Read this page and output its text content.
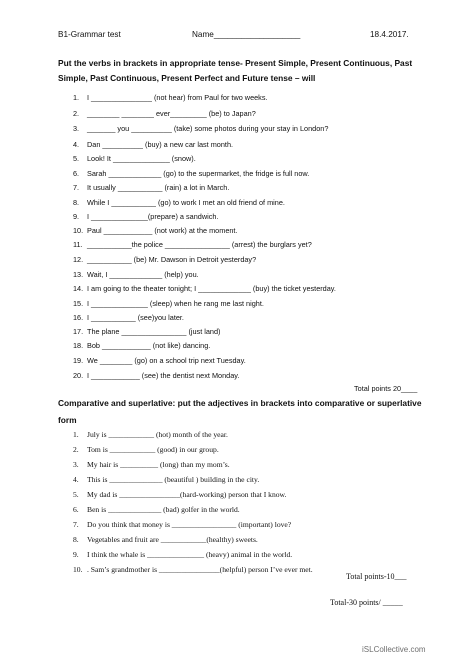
B1-Grammar test	Name___________________	18.4.2017.
Put the verbs in brackets in appropriate tense- Present Simple, Present Continuous, Past
Simple, Past Continuous, Present Perfect and Future tense – will
1. I _______________ (not hear) from Paul for two weeks.
2. ________ ________ ever_________ (be) to Japan?
3. _______ you __________ (take) some photos during your stay in London?
4. Dan __________ (buy) a new car last month.
5. Look! It ______________ (snow).
6. Sarah _____________ (go) to the supermarket, the fridge is full now.
7. It usually ___________ (rain) a lot in March.
8. While I ___________ (go) to work I met an old friend of mine.
9. I ______________(prepare) a sandwich.
10. Paul ____________ (not work) at the moment.
11. ___________the police ________________ (arrest) the burglars yet?
12. ___________ (be) Mr. Dawson in Detroit yesterday?
13. Wait, I _____________ (help) you.
14. I am going to the theater tonight; I _____________ (buy) the ticket yesterday.
15. I ______________ (sleep) when he rang me last night.
16. I ___________ (see)you later.
17. The plane ________________ (just land)
18. Bob ____________ (not like) dancing.
19. We ________ (go) on a school trip next Tuesday.
20. I ____________ (see) the dentist next Monday.
Total points 20____
Comparative and superlative: put the adjectives in brackets into comparative or superlative
form
1. July is ____________ (hot) month of the year.
2. Tom is ____________ (good) in our group.
3. My hair is __________ (long) than my mom’s.
4. This is ______________ (beautiful ) building in the city.
5. My dad is ________________(hard-working) person that I know.
6. Ben is ______________ (bad) golfer in the world.
7. Do you think that money is _________________ (important) love?
8. Vegetables and fruit are ____________(healthy) sweets.
9. I think the whale is _______________ (heavy) animal in the world.
10. . Sam’s grandmother is ________________(helpful) person I’ve ever met.
Total points-10___
Total-30 points/ _____
iSLCollective.com
